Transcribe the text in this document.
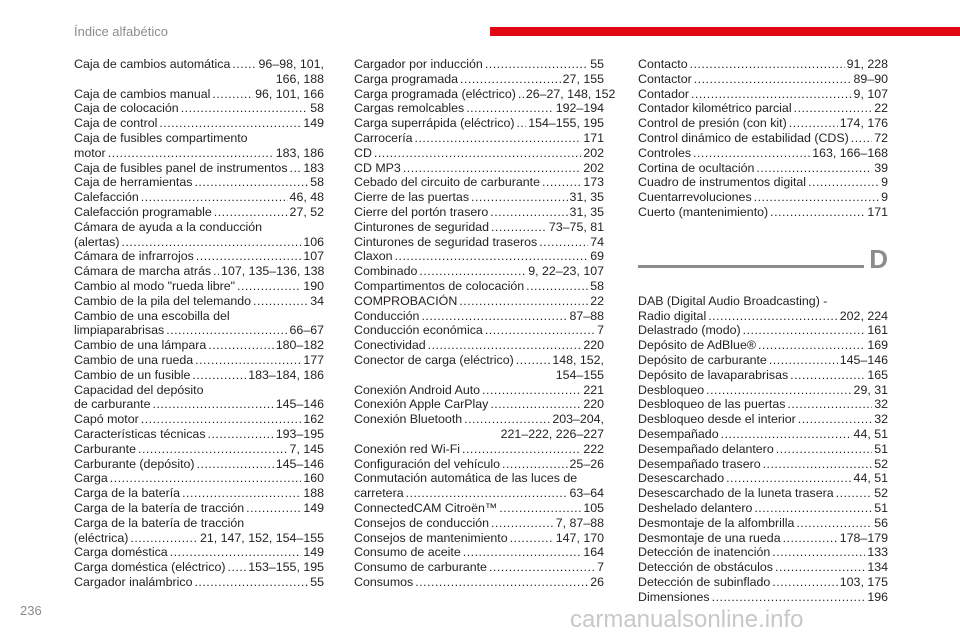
Índice alfabético
Caja de cambios automática ..... 96–98, 101,
166, 188
Caja de cambios manual .....	96, 101, 166
Caja de colocación .....	58
Caja de control .....	149
Caja de fusibles compartimento
motor .....	183, 186
Caja de fusibles panel de instrumentos ..... 183
Caja de herramientas .....	58
Calefacción .....	46, 48
Calefacción programable .....	27, 52
Cámara de ayuda a la conducción
(alertas) .....	106
Cámara de infrarrojos .....	107
Cámara de marcha atrás ..... 107, 135–136, 138
Cambio al modo "rueda libre" .....	190
Cambio de la pila del telemando .....	34
Cambio de una escobilla del
limpiaparabrisas .....	66–67
Cambio de una lámpara .....	180–182
Cambio de una rueda .....	177
Cambio de un fusible .....	183–184, 186
Capacidad del depósito
de carburante .....	145–146
Capó motor .....	162
Características técnicas .....	193–195
Carburante .....	7, 145
Carburante (depósito) .....	145–146
Carga .....	160
Carga de la batería .....	188
Carga de la batería de tracción .....	149
Carga de la batería de tracción
(eléctrica) .....	21, 147, 152, 154–155
Carga doméstica .....	149
Carga doméstica (eléctrico) ..... 153–155, 195
Cargador inalámbrico .....	55
Cargador por inducción .....	55
Carga programada .....	27, 155
Carga programada (eléctrico) ..... 26–27, 148, 152
Cargas remolcables .....	192–194
Carga superrápida (eléctrico) ..... 154–155, 195
Carrocería .....	171
CD .....	202
CD MP3 .....	202
Cebado del circuito de carburante .....	173
Cierre de las puertas .....	31, 35
Cierre del portón trasero .....	31, 35
Cinturones de seguridad .....	73–75, 81
Cinturones de seguridad traseros .....	74
Claxon .....	69
Combinado .....	9, 22–23, 107
Compartimentos de colocación .....	58
COMPROBACIÓN .....	22
Conducción .....	87–88
Conducción económica .....	7
Conectividad .....	220
Conector de carga (eléctrico) .....	148, 152,
154–155
Conexión Android Auto .....	221
Conexión Apple CarPlay .....	220
Conexión Bluetooth .....	203–204,
221–222, 226–227
Conexión red Wi-Fi .....	222
Configuración del vehículo .....	25–26
Conmutación automática de las luces de
carretera .....	63–64
ConnectedCAM Citroën™ .....	105
Consejos de conducción .....	7, 87–88
Consejos de mantenimiento .....	147, 170
Consumo de aceite .....	164
Consumo de carburante .....	7
Consumos .....	26
Contacto .....	91, 228
Contactor .....	89–90
Contador .....	9, 107
Contador kilométrico parcial .....	22
Control de presión (con kit) .....	174, 176
Control dinámico de estabilidad (CDS) ..... 72
Controles .....	163, 166–168
Cortina de ocultación .....	39
Cuadro de instrumentos digital .....	9
Cuentarrevoluciones .....	9
Cuerto (mantenimiento) .....	171
D
DAB (Digital Audio Broadcasting) -
Radio digital .....	202, 224
Delastrado (modo) .....	161
Depósito de AdBlue® .....	169
Depósito de carburante .....	145–146
Depósito de lavaparabrisas .....	165
Desbloqueo .....	29, 31
Desbloqueo de las puertas .....	32
Desbloqueo desde el interior .....	32
Desempañado .....	44, 51
Desempañado delantero .....	51
Desempañado trasero .....	52
Desescarchado .....	44, 51
Desescarchado de la luneta trasera .....	52
Deshelado delantero .....	51
Desmontaje de la alfombrilla .....	56
Desmontaje de una rueda .....	178–179
Detección de inatención .....	133
Detección de obstáculos .....	134
Detección de subinflado .....	103, 175
Dimensiones .....	196
236	carmanualsonline.info
